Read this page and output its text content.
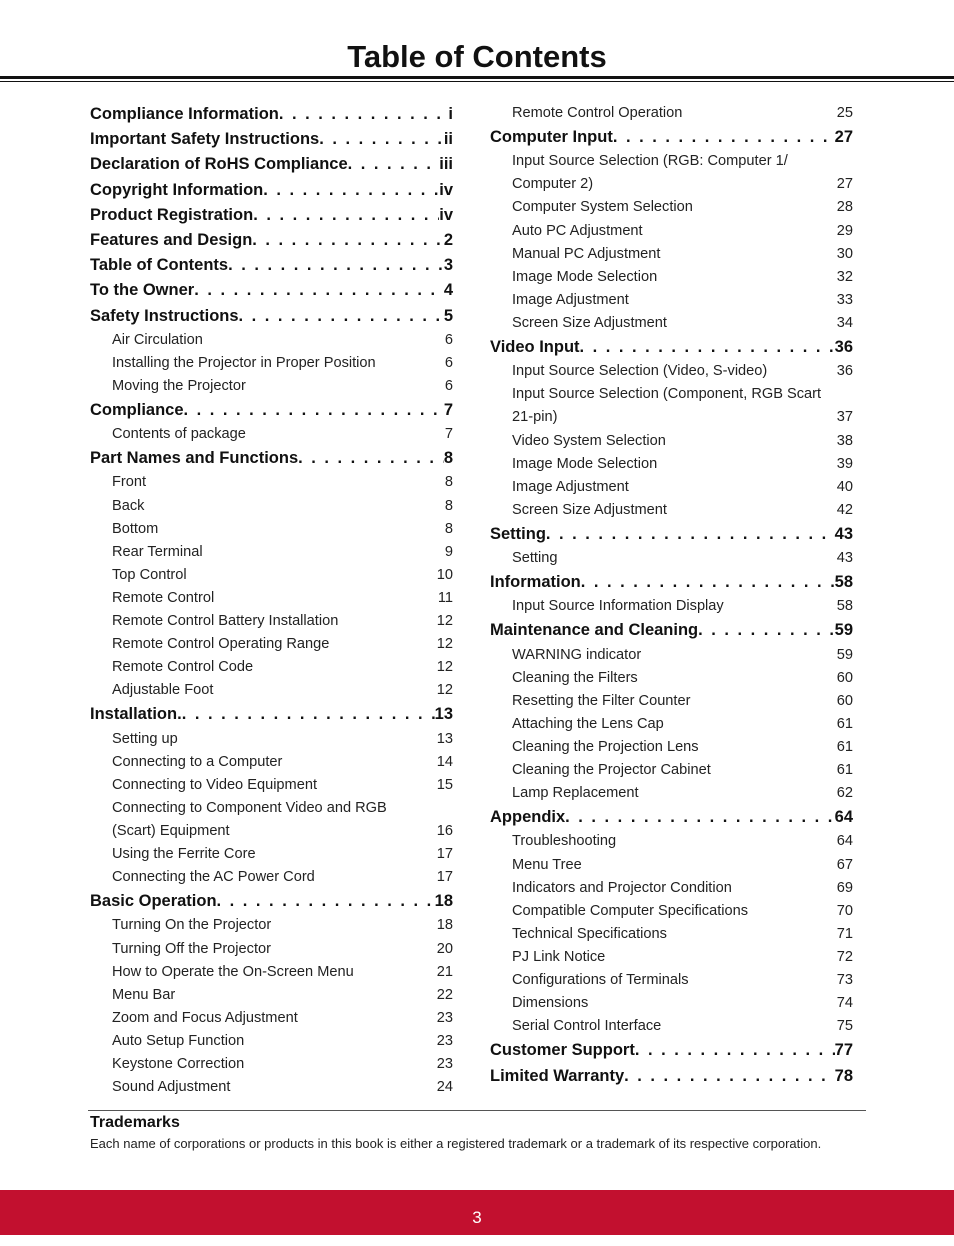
Table of Contents
Compliance Information . . .	i
Important Safety Instructions . . .	ii
Declaration of RoHS Compliance . . .	iii
Copyright Information . . .	iv
Product Registration . . .	iv
Features and Design . . .	2
Table of Contents . . .	3
To the Owner . . .	4
Safety Instructions . . .	5
Air Circulation	6
Installing the Projector in Proper Position	6
Moving the Projector	6
Compliance . . .	7
Contents of package	7
Part Names and Functions . . .	8
Front	8
Back	8
Bottom	8
Rear Terminal	9
Top Control	10
Remote Control	11
Remote Control Battery Installation	12
Remote Control Operating Range	12
Remote Control Code	12
Adjustable Foot	12
Installation. . . .	13
Setting up	13
Connecting to a Computer	14
Connecting to Video Equipment	15
Connecting to Component Video and RGB
(Scart) Equipment	16
Using the Ferrite Core	17
Connecting the AC Power Cord	17
Basic Operation . . .	18
Turning On the Projector	18
Turning Off the Projector	20
How to Operate the On-Screen Menu	21
Menu Bar	22
Zoom and Focus Adjustment	23
Auto Setup Function	23
Keystone Correction	23
Sound Adjustment	24
Remote Control Operation	25
Computer Input . . .	27
Input Source Selection (RGB: Computer 1/
Computer 2)	27
Computer System Selection	28
Auto PC Adjustment	29
Manual PC Adjustment	30
Image Mode Selection	32
Image Adjustment	33
Screen Size Adjustment	34
Video Input . . .	36
Input Source Selection (Video, S-video)	36
Input Source Selection (Component, RGB Scart
21-pin)	37
Video System Selection	38
Image Mode Selection	39
Image Adjustment	40
Screen Size Adjustment	42
Setting . . .	43
Setting	43
Information . . .	58
Input Source Information Display	58
Maintenance and Cleaning . . .	59
WARNING indicator	59
Cleaning the Filters	60
Resetting the Filter Counter	60
Attaching the Lens Cap	61
Cleaning the Projection Lens	61
Cleaning the Projector Cabinet	61
Lamp Replacement	62
Appendix . . .	64
Troubleshooting	64
Menu Tree	67
Indicators and Projector Condition	69
Compatible Computer Specifications	70
Technical Specifications	71
PJ Link Notice	72
Configurations of Terminals	73
Dimensions	74
Serial Control Interface	75
Customer Support . . .	77
Limited Warranty . . .	78
Trademarks

Each name of corporations or products in this book is either a registered trademark or a trademark of its respective corporation.

3
